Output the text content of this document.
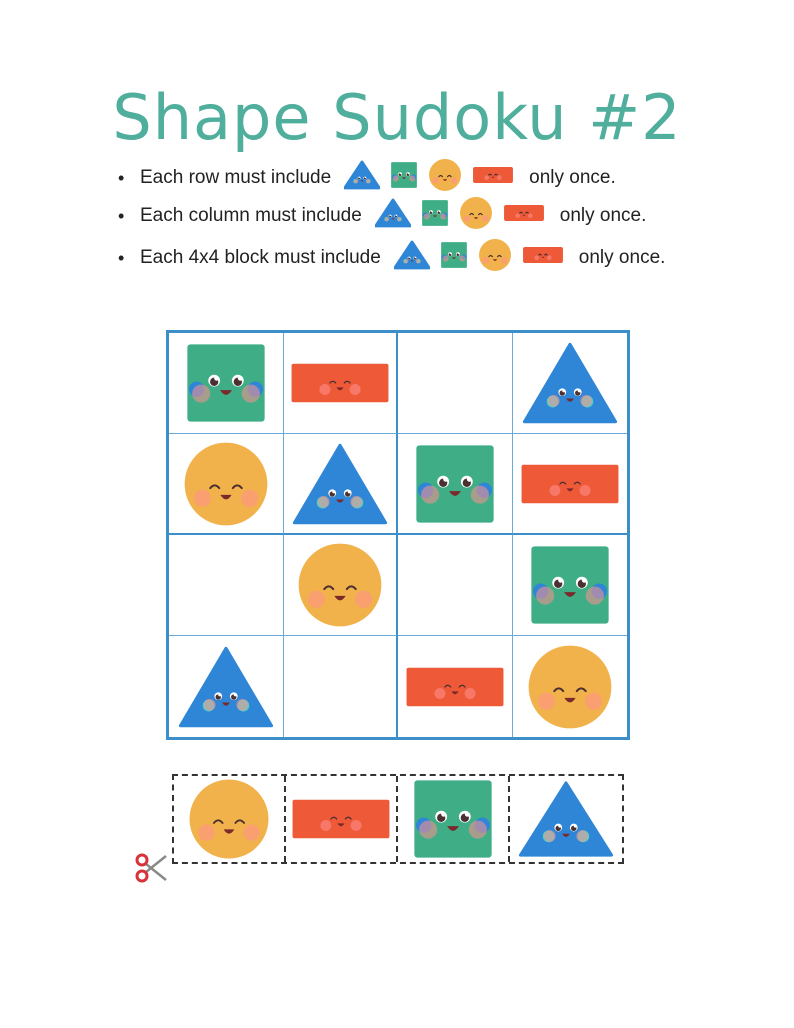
Shape Sudoku #2
• Each row must include	only once.
• Each column must include	only once.
• Each 4x4 block must include	only once.
